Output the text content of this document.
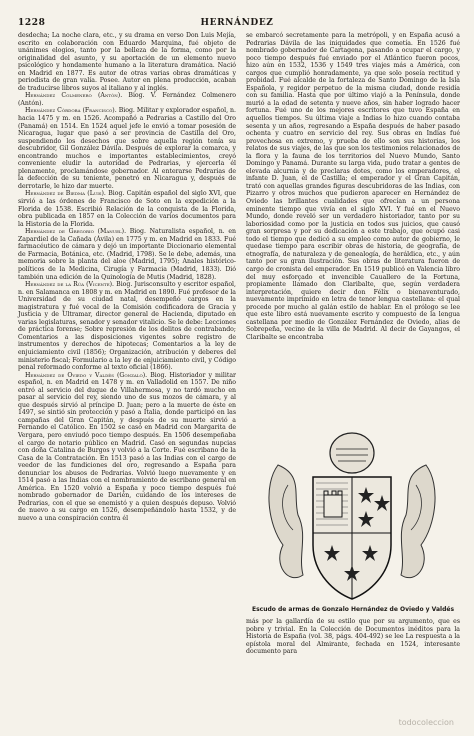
1228	HERNÁNDEZ

desdecha; La noche clara, etc., y su drama en verso Don Luis Mejía, escrito en colaboración con Eduardo Marquina, fué objeto de unánimes elogios, tanto por la belleza de la forma, como por la originalidad del asunto, y su aportación de un elemento nuevo psicológico y hondamente humano a la literatura dramática. Nació en Madrid en 1877. Es autor de otras varias obras dramáticas y periodista de gran valía. Posee. Autor en plena producción, acaban de traducirse libros suyos al italiano y al inglés.

Hernández Colmenero (Antón). Biog. V. Fernández Colmenero (Antón).

Hernández Córdoba (Francisco). Biog. Militar y explorador español, n. hacia 1475 y m. en 1526. Acompañó a Pedrarias a Castillo del Oro (Panamá) en 1514. En 1524 aquel jefe le envió a tomar posesión de Nicaragua, lugar que pasó a ser provincia de Castilla del Oro, suspendiendo los desechos que sobre aquella región tenía su descubridor, Gil González Dávila. Después de explorar la comarca, y encontrando muchos e importantes establecimientos, creyó conveniente eludir la autoridad de Pedrarias, y ejercerla él plenamente, proclamándose gobernador. Al enterarse Pedrarias de la defección de su teniente, penetró en Nicaragua y, después de derrotarle, le hizo dar muerte.

Hernández de Biedma (Luis). Biog. Capitán español del siglo XVI, que sirvió a las órdenes de Francisco de Soto en la expedición a la Florida de 1538. Escribió Relación de la conquista de la Florida, obra publicada en 1857 en la Colección de varios documentos para la Historia de la Florida.

Hernández de Gregorio (Manuel). Biog. Naturalista español, n. en Zapardiel de la Cañada (Ávila) en 1775 y m. en Madrid en 1833. Fué farmacéutico de cámara y dejó un importante Diccionario elemental de Farmacia, Botánica, etc. (Madrid, 1798). Se le debe, además, una memoria sobre la planta del aloe (Madrid, 1795); Anales histórico-políticos de la Medicina, Cirugía y Farmacia (Madrid, 1833). Dió también una edición de la Quinología de Mutis (Madrid, 1828).

Hernández de la Rúa (Vicente). Biog. Jurisconsulto y escritor español, n. en Salamanca en 1808 y m. en Madrid en 1890. Fué profesor de la Universidad de su ciudad natal, desempeñó cargos en la magistratura y fué vocal de la Comisión codificadora de Gracia y Justicia y de Ultramar, director general de Hacienda, diputado en varias legislaturas, senador y senador vitalicio. Se le debe: Lecciones de práctica forense; Sobre represión de los delitos de contrabando; Comentarios a las disposiciones vigentes sobre registro de instrumentos y derechos de hipotecas; Comentarios a la ley de enjuiciamiento civil (1856); Organización, atribución y deberes del ministerio fiscal; Formulario a la ley de enjuiciamiento civil, y Código penal reformado conforme al texto oficial (1866).

Hernández de Oviedo y Valdés (Gonzalo). Biog. Historiador y militar español, n. en Madrid en 1478 y m. en Valladolid en 1557. De niño entró al servicio del duque de Villahermosa, y no tardó mucho en pasar al servicio del rey, siendo uno de sus mozos de cámara, y al que después sirvió al príncipe D. Juan; pero a la muerte de éste en 1497, se sintió sin protección y pasó a Italia, donde participó en las campañas del Gran Capitán, y después de su muerte sirvió a Fernando el Católico. En 1502 se casó en Madrid con Margarita de Vergara, pero enviudó poco tiempo después. En 1506 desempeñaba el cargo de notario público en Madrid. Casó en segundas nupcias con doña Catalina de Burgos y volvió a la Corte. Fué escribano de la Casa de la Contratación. En 1513 pasó a las Indias con el cargo de veedor de las fundiciones del oro, regresando a España para denunciar los abusos de Pedrarias. Volvió luego nuevamente y en 1514 pasó a las Indias con el nombramiento de escribano general en América. En 1520 volvió a España y poco tiempo después fué nombrado gobernador de Darién, cuidando de los intereses de Pedrarias, con el que se enemistó y a quien después depuso. Volvió de nuevo a su cargo en 1526, desempeñándolo hasta 1532, y de nuevo a una conspiración contra él

se embarcó secretamente para la metrópoli, y en España acusó a Pedrarias Dávila de las iniquidades que cometía. En 1526 fué nombrado gobernador de Cartagena, pasando a ocupar el cargo, y poco tiempo después fué enviado por el Atlántico fueron pocos, hizo aún en 1532, 1536 y 1549 tres viajes más a América, con cargos que cumplió honradamente, ya que solo poseía rectitud y probidad. Fué alcalde de la fortaleza de Santo Domingo de la Isla Española, y regidor perpetuo de la misma ciudad, donde residía con su familia. Hasta que por último viajó a la Península, donde murió a la edad de setenta y nueve años, sin haber logrado hacer fortuna. Fué uno de los mejores escritores que tuvo España en aquellos tiempos. Su última viaje a Indias lo hizo cuando contaba sesenta y un años, regresando a España después de haber pasado ochenta y cuatro en servicio del rey. Sus obras en Indias fué provechosa en extremo, y prueba de ello son sus historias, los relatos de sus viajes, de las que son los testimonios relacionados de la flora y la fauna de los territorios del Nuevo Mundo, Santo Domingo y Panamá. Durante su larga vida, pudo tratar a gentes de elevada alcurnia y de preclaras dotes, como los emperadores, el infante D. Juan, el de Castilla; el emperador y el Gran Capitán, trató con aquellas grandes figuras descubridoras de las Indias, con Pizarro y otros muchos que pudieron aparecer en Hernández de Oviedo las brillantes cualidades que ofrecían a un persona eminente tiempo que vivía en el siglo XVI. Y fué en el Nuevo Mundo, donde reveló ser un verdadero historiador, tanto por su laboriosidad como por la justicia en todos sus juicios, que causó gran sorpresa y por su dedicación a este trabajo, que ocupó casi todo el tiempo que dedicó a su empleo como autor de gobierno, le quedase tiempo para escribir obras de historia, de geografía, de etnografía, de naturaleza y de genealogía, de heráldica, etc., y aún tanto por su gran ilustración. Sus obras de literatura fueron de cargo de cronista del emperador. En 1519 publicó en Valencia libro del muy esforçado et invencible Cauallero de la Fortuna, propiamente llamado don Claribalte, que, según verdadera interpretación, quiere decir don Félix o bienaventurado, nuevamente imprimido en letra de tenor lengua castellana: el qual procede por mucho al galán estilo de hablar. En el prólogo se lee que este libro está nuevamente escrito y compuesto de la lengua castellana por medio de González Fernández de Oviedo, alias de Sobrepeña, vecino de la villa de Madrid. Al decir de Gayangos, el Claribalte se encontraba

Escudo de armas de Gonzalo Hernández de Oviedo y Valdés
más por la gallardía de su estilo que por su argumento, que es pobre y trivial. En la Colección de Documentos inéditos para la Historia de España (vol. 38, págs. 404-492) se lee La respuesta a la epístola moral del Almirante, fechada en 1524, interesante documento para
todocoleccion
